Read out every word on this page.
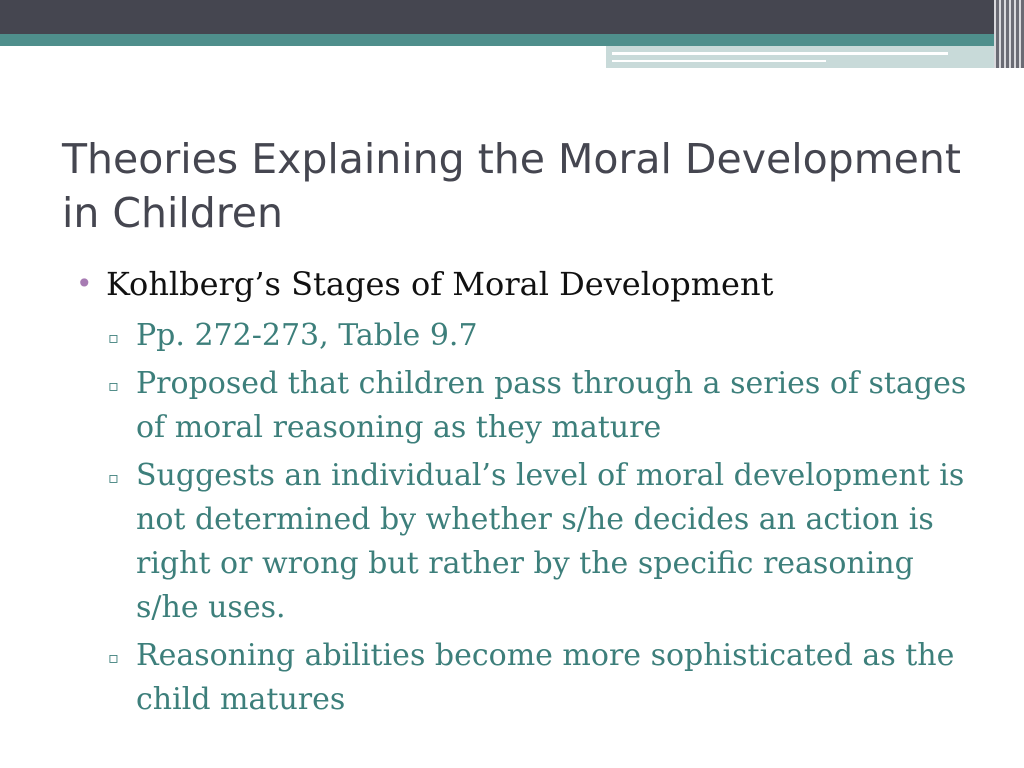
Theories Explaining the Moral Development in Children
• Kohlberg’s Stages of Moral Development
▫ Pp. 272-273, Table 9.7
▫ Proposed that children pass through a series of stages of moral reasoning as they mature
▫ Suggests an individual’s level of moral development is not determined by whether s/he decides an action is right or wrong but rather by the specific reasoning s/he uses.
▫ Reasoning abilities become more sophisticated as the child matures
